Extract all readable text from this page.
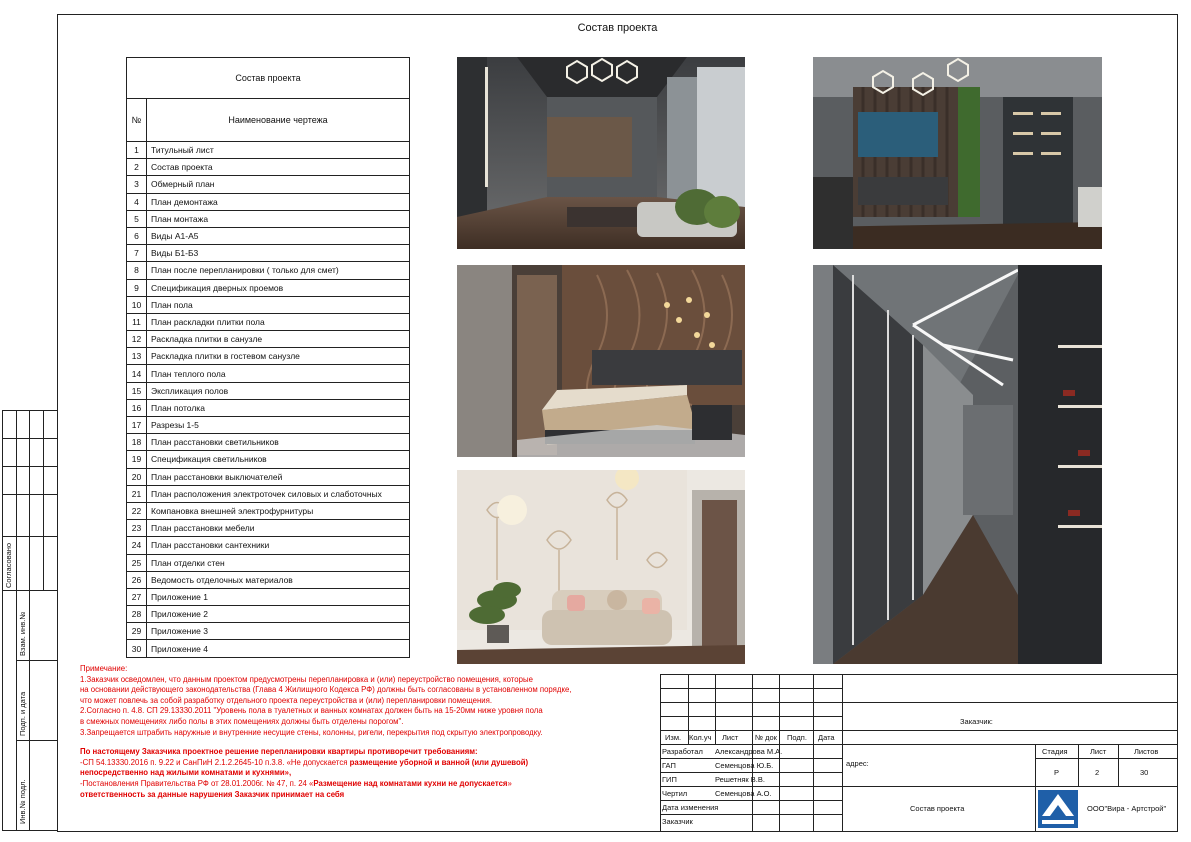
Состав проекта
Состав проекта	
№	Наименование чертежа
1	Титульный лист
2	Состав проекта
3	Обмерный план
4	План демонтажа
5	План монтажа
6	Виды А1-А5
7	Виды Б1-Б3
8	План после перепланировки ( только для смет)
9	Спецификация дверных проемов
10	План пола
11	План раскладки плитки пола
12	Раскладка плитки в санузле
13	Раскладка плитки в гостевом санузле
14	План теплого пола
15	Экспликация полов
16	План потолка
17	Разрезы 1-5
18	План расстановки светильников
19	Спецификация светильников
20	План расстановки выключателей
21	План расположения электроточек силовых и слаботочных
22	Компановка внешней электрофурнитуры
23	План расстановки мебели
24	План расстановки сантехники
25	План отделки стен
26	Ведомость отделочных материалов
27	Приложение 1
28	Приложение 2
29	Приложение 3
30	Приложение 4
Согласовано
Взам. инв.№
Подп. и дата
Инв.№ подл.

Примечание:

1.Заказчик осведомлен, что данным проектом предусмотрены перепланировка и (или) переустройство помещения, которые

на основании действующего законодательства (Глава 4 Жилищного Кодекса РФ) должны быть согласованы в установленном порядке,

что может повлечь за собой разработку отдельного проекта переустройства и (или) перепланировки помещения.

2.Согласно п. 4.8. СП 29.13330.2011 "Уровень пола в туалетных и ванных комнатах должен быть на 15-20мм ниже уровня пола

в смежных помещениях либо полы в этих помещениях должны быть отделены порогом".

3.Запрещается штрабить наружные и внутренние несущие стены, колонны, ригели, перекрытия под скрытую электропроводку.

По настоящему Заказчика проектное решение перепланировки квартиры противоречит требованиям:

-СП 54.13330.2016 п. 9.22 и СанПиН 2.1.2.2645-10 п.3.8. «Не допускается размещение уборной и ванной (или душевой)

непосредственно над жилыми комнатами и кухнями»,

-Постановления Правительства РФ от 28.01.2006г. № 47, п. 24 «Размещение над комнатами кухни не допускается»

ответственность за данные нарушения Заказчик принимает на себя

Заказчик:
Изм. Кол.уч Лист № док Подп. Дата
Стадия	Лист	Листов
адрес:
Р	2	30
Разработал Александрова М.А.
ГАП	Семенцова Ю.Б.
ГИП	Решетняк В.В.
Чертил	Семенцова А.О.
Дата изменения
Заказчик
Состав проекта	ООО"Вира - Артстрой"
